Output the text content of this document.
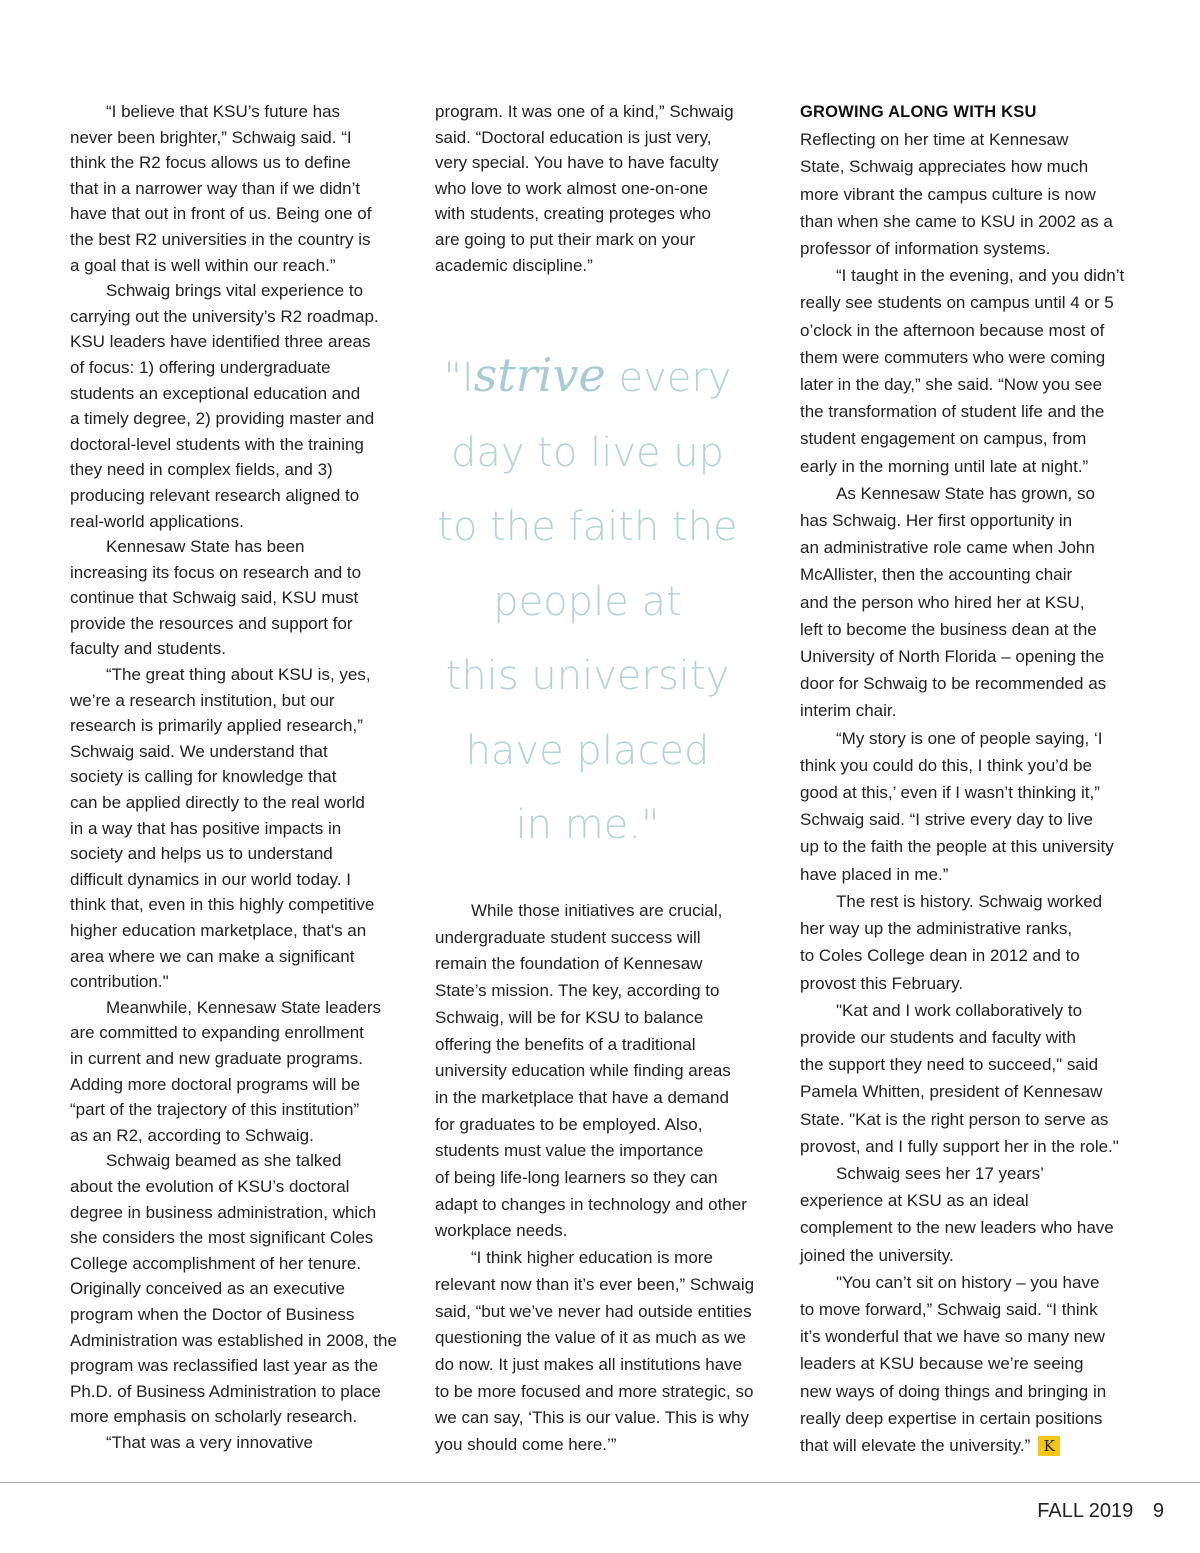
“I believe that KSU’s future has
never been brighter,” Schwaig said. “I
think the R2 focus allows us to define
that in a narrower way than if we didn’t
have that out in front of us. Being one of
the best R2 universities in the country is
a goal that is well within our reach.”
Schwaig brings vital experience to
carrying out the university’s R2 roadmap.
KSU leaders have identified three areas
of focus: 1) offering undergraduate
students an exceptional education and
a timely degree, 2) providing master and
doctoral-level students with the training
they need in complex fields, and 3)
producing relevant research aligned to
real-world applications.
Kennesaw State has been
increasing its focus on research and to
continue that Schwaig said, KSU must
provide the resources and support for
faculty and students.
“The great thing about KSU is, yes,
we’re a research institution, but our
research is primarily applied research,”
Schwaig said. We understand that
society is calling for knowledge that
can be applied directly to the real world
in a way that has positive impacts in
society and helps us to understand
difficult dynamics in our world today. I
think that, even in this highly competitive
higher education marketplace, that's an
area where we can make a significant
contribution."
Meanwhile, Kennesaw State leaders
are committed to expanding enrollment
in current and new graduate programs.
Adding more doctoral programs will be
“part of the trajectory of this institution”
as an R2, according to Schwaig.
Schwaig beamed as she talked
about the evolution of KSU’s doctoral
degree in business administration, which
she considers the most significant Coles
College accomplishment of her tenure.
Originally conceived as an executive
program when the Doctor of Business
Administration was established in 2008, the
program was reclassified last year as the
Ph.D. of Business Administration to place
more emphasis on scholarly research.
“That was a very innovative
program. It was one of a kind,” Schwaig
said. “Doctoral education is just very,
very special. You have to have faculty
who love to work almost one-on-one
with students, creating proteges who
are going to put their mark on your
academic discipline.”
"Istrive every
day to live up
to the faith the
people at
this university
have placed
in me."
While those initiatives are crucial,
undergraduate student success will
remain the foundation of Kennesaw
State’s mission. The key, according to
Schwaig, will be for KSU to balance
offering the benefits of a traditional
university education while finding areas
in the marketplace that have a demand
for graduates to be employed. Also,
students must value the importance
of being life-long learners so they can
adapt to changes in technology and other
workplace needs.
“I think higher education is more
relevant now than it’s ever been,” Schwaig
said, “but we’ve never had outside entities
questioning the value of it as much as we
do now. It just makes all institutions have
to be more focused and more strategic, so
we can say, ‘This is our value. This is why
you should come here.’”
GROWING ALONG WITH KSU
Reflecting on her time at Kennesaw
State, Schwaig appreciates how much
more vibrant the campus culture is now
than when she came to KSU in 2002 as a
professor of information systems.
“I taught in the evening, and you didn’t
really see students on campus until 4 or 5
o’clock in the afternoon because most of
them were commuters who were coming
later in the day,” she said. “Now you see
the transformation of student life and the
student engagement on campus, from
early in the morning until late at night.”
As Kennesaw State has grown, so
has Schwaig. Her first opportunity in
an administrative role came when John
McAllister, then the accounting chair
and the person who hired her at KSU,
left to become the business dean at the
University of North Florida – opening the
door for Schwaig to be recommended as
interim chair.
“My story is one of people saying, ‘I
think you could do this, I think you’d be
good at this,’ even if I wasn’t thinking it,”
Schwaig said. “I strive every day to live
up to the faith the people at this university
have placed in me.”
The rest is history. Schwaig worked
her way up the administrative ranks,
to Coles College dean in 2012 and to
provost this February.
"Kat and I work collaboratively to
provide our students and faculty with
the support they need to succeed," said
Pamela Whitten, president of Kennesaw
State. "Kat is the right person to serve as
provost, and I fully support her in the role."
Schwaig sees her 17 years’
experience at KSU as an ideal
complement to the new leaders who have
joined the university.
"You can’t sit on history – you have
to move forward,” Schwaig said. “I think
it’s wonderful that we have so many new
leaders at KSU because we’re seeing
new ways of doing things and bringing in
really deep expertise in certain positions
that will elevate the university.” K
FALL 2019 9
